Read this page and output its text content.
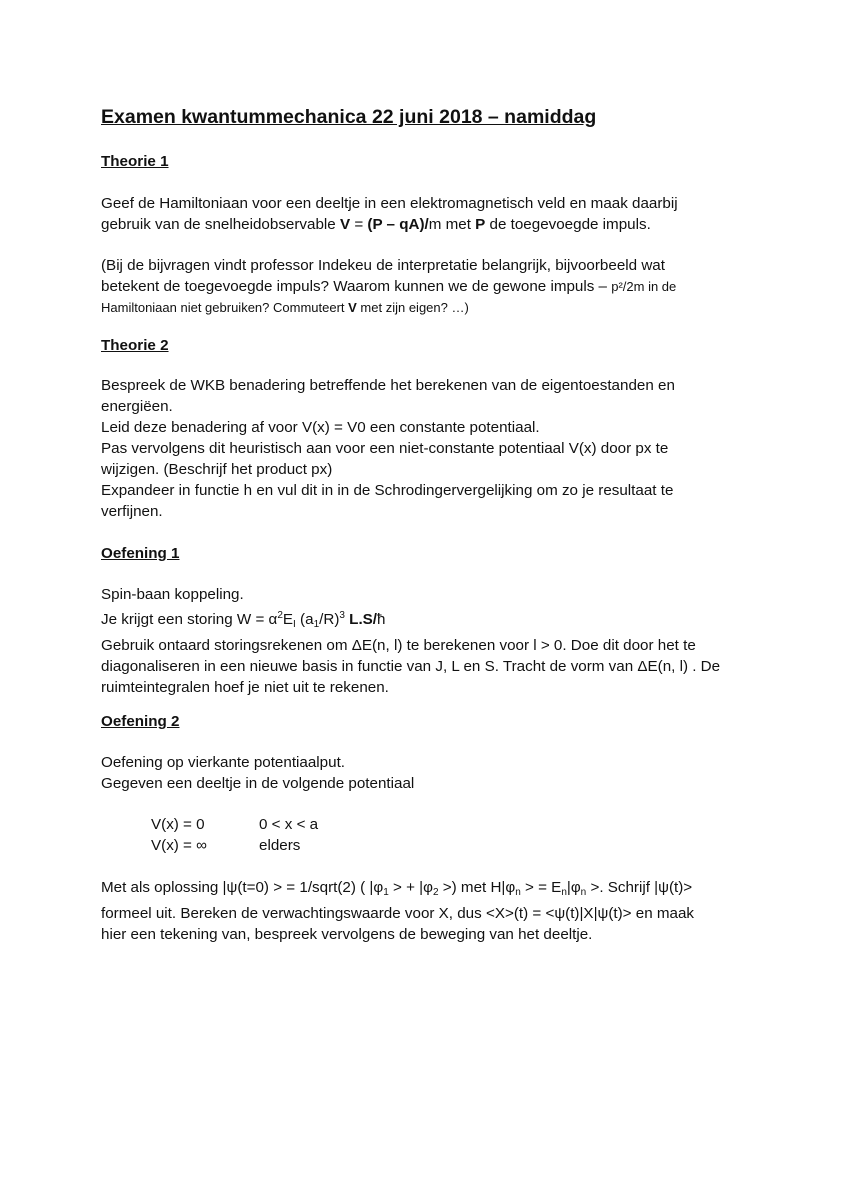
Examen kwantummechanica 22 juni 2018 – namiddag
Theorie 1
Geef de Hamiltoniaan voor een deeltje in een elektromagnetisch veld en maak daarbij
gebruik van de snelheidobservable V = (P – qA)/m met P de toegevoegde impuls.
(Bij de bijvragen vindt professor Indekeu de interpretatie belangrijk, bijvoorbeeld wat
betekent de toegevoegde impuls? Waarom kunnen we de gewone impuls – p²/2m in de
Hamiltoniaan niet gebruiken? Commuteert V met zijn eigen? …)
Theorie 2
Bespreek de WKB benadering betreffende het berekenen van de eigentoestanden en
energiëen.
Leid deze benadering af voor V(x) = V0 een constante potentiaal.
Pas vervolgens dit heuristisch aan voor een niet-constante potentiaal V(x) door px te
wijzigen. (Beschrijf het product px)
Expandeer in functie h en vul dit in in de Schrodingervergelijking om zo je resultaat te
verfijnen.
Oefening 1
Spin-baan koppeling.
Je krijgt een storing $W = \alpha^2E_I$ $(a_1/R)^3$ L.S/ħ
Gebruik ontaard storingsrekenen om ΔE(n, l) te berekenen voor l > 0. Doe dit door het te
diagonaliseren in een nieuwe basis in functie van J, L en S. Tracht de vorm van ΔE(n, l) . De
ruimteintegralen hoef je niet uit te rekenen.
Oefening 2
Oefening op vierkante potentiaalput.
Gegeven een deeltje in de volgende potentiaal
V(x) = 0	0 < x < a
V(x) = ∞	elders
Met als oplossing |ψ(t=0) > = 1/sqrt(2) ( $|\varphi_1$ > + $|\varphi_2$ >) met $H|\varphi_n$ > = $E_n|\varphi_n$ >. Schrijf |ψ(t)>
formeel uit. Bereken de verwachtingswaarde voor X, dus <X>(t) = <ψ(t)|X|ψ(t)> en maak
hier een tekening van, bespreek vervolgens de beweging van het deeltje.
